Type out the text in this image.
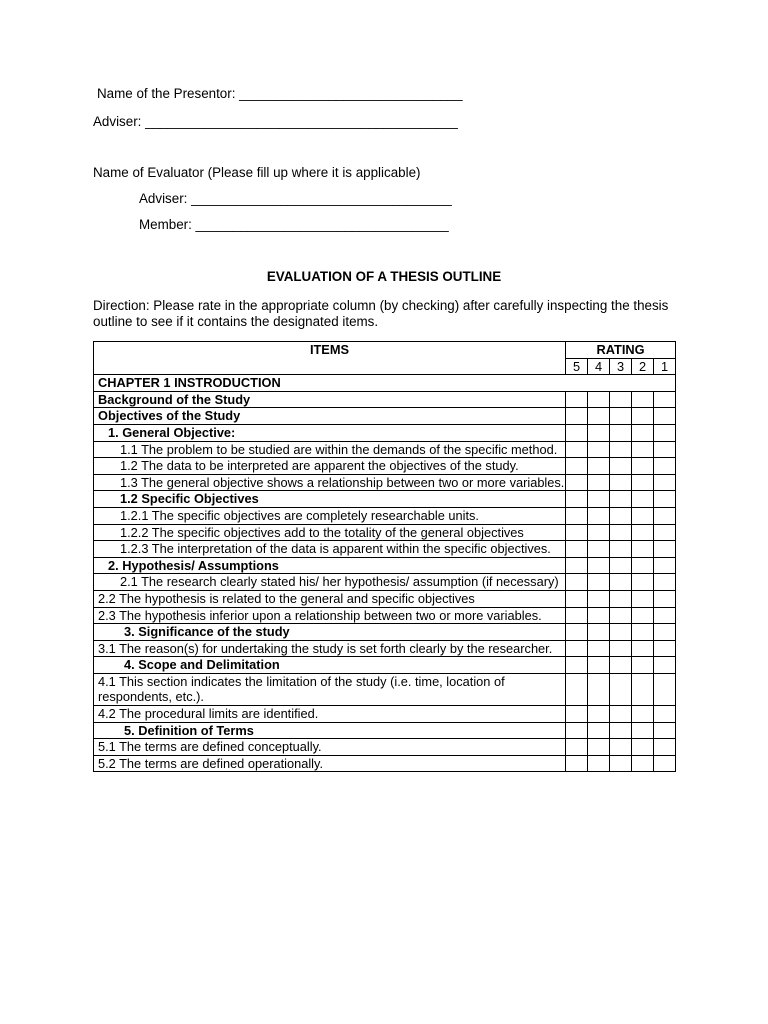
Name of the Presentor: ______________________________
Adviser: __________________________________________
Name of Evaluator (Please fill up where it is applicable)
Adviser: ___________________________________
Member: __________________________________
EVALUATION OF A THESIS OUTLINE
Direction: Please rate in the appropriate column (by checking) after carefully inspecting the thesis outline to see if it contains the designated items.
ITEMS	RATING				
	5	4	3	2	1
CHAPTER 1 INSTRODUCTION					
Background of the Study					
Objectives of the Study					
1. General Objective:					
1.1 The problem to be studied are within the demands of the specific method.					
1.2 The data to be interpreted are apparent the objectives of the study.					
1.3 The general objective shows a relationship between two or more variables.					
1.2 Specific Objectives					
1.2.1 The specific objectives are completely researchable units.					
1.2.2 The specific objectives add to the totality of the general objectives					
1.2.3 The interpretation of the data is apparent within the specific objectives.					
2. Hypothesis/ Assumptions					
2.1 The research clearly stated his/ her hypothesis/ assumption (if necessary)					
2.2 The hypothesis is related to the general and specific objectives					
2.3 The hypothesis inferior upon a relationship between two or more variables.					
3. Significance of the study					
3.1 The reason(s) for undertaking the study is set forth clearly by the researcher.					
4. Scope and Delimitation					
4.1 This section indicates the limitation of the study (i.e. time, location of respondents, etc.).					
4.2 The procedural limits are identified.					
5. Definition of Terms					
5.1 The terms are defined conceptually.					
5.2 The terms are defined operationally.					
